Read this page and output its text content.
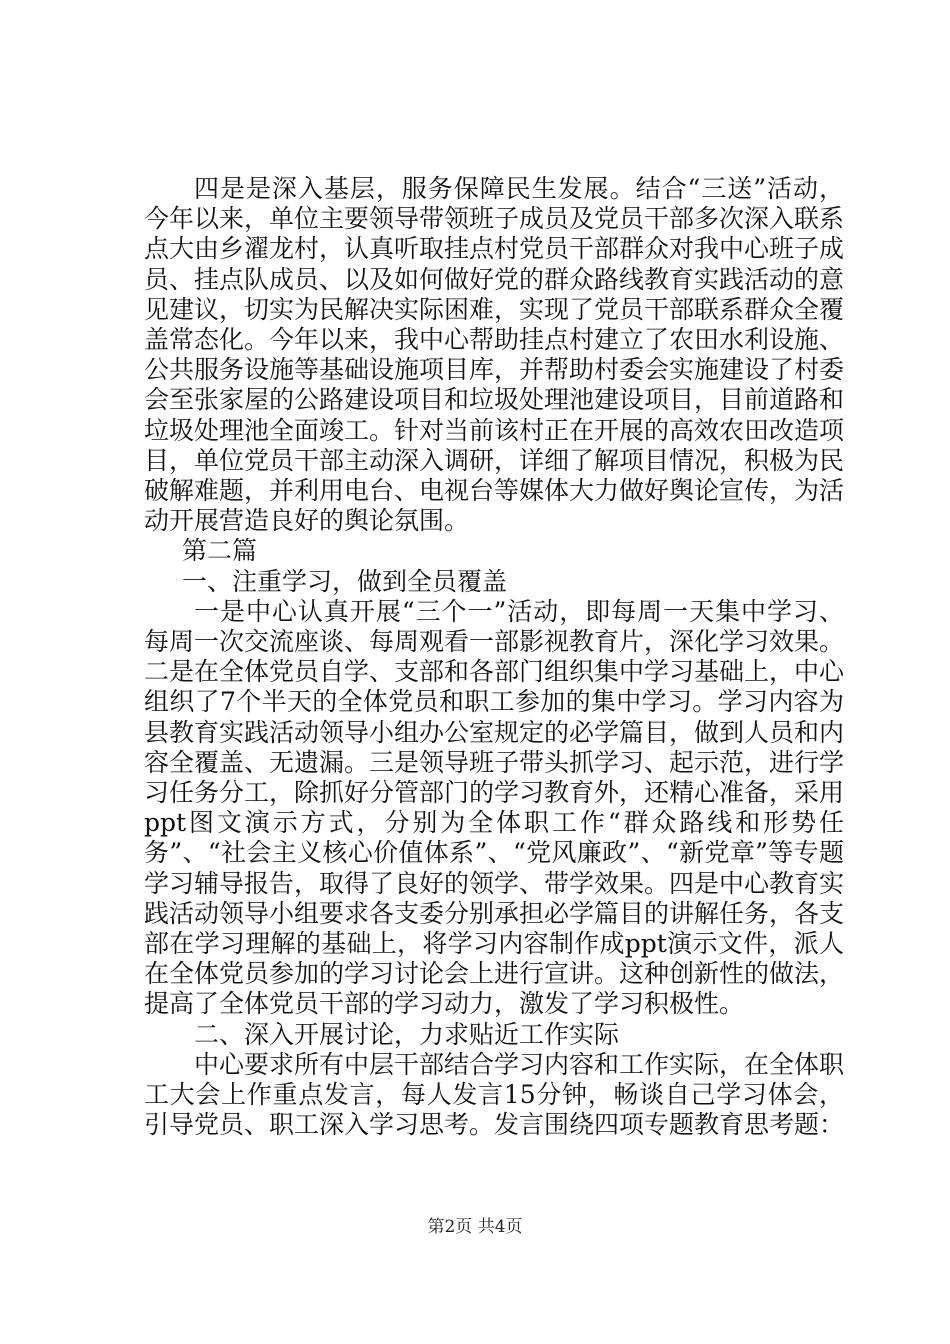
四是是深入基层，服务保障民生发展。结合“三送”活动，今年以来，单位主要领导带领班子成员及党员干部多次深入联系点大由乡濯龙村，认真听取挂点村党员干部群众对我中心班子成员、挂点队成员、以及如何做好党的群众路线教育实践活动的意见建议，切实为民解决实际困难，实现了党员干部联系群众全覆盖常态化。今年以来，我中心帮助挂点村建立了农田水利设施、公共服务设施等基础设施项目库，并帮助村委会实施建设了村委会至张家屋的公路建设项目和垃圾处理池建设项目，目前道路和垃圾处理池全面竣工。针对当前该村正在开展的高效农田改造项目，单位党员干部主动深入调研，详细了解项目情况，积极为民破解难题，并利用电台、电视台等媒体大力做好舆论宣传，为活动开展营造良好的舆论氛围。

第二篇

一、注重学习，做到全员覆盖

一是中心认真开展“三个一”活动，即每周一天集中学习、每周一次交流座谈、每周观看一部影视教育片，深化学习效果。二是在全体党员自学、支部和各部门组织集中学习基础上，中心组织了7个半天的全体党员和职工参加的集中学习。学习内容为县教育实践活动领导小组办公室规定的必学篇目，做到人员和内容全覆盖、无遗漏。三是领导班子带头抓学习、起示范，进行学习任务分工，除抓好分管部门的学习教育外，还精心准备，采用ppt图文演示方式，分别为全体职工作“群众路线和形势任务”、“社会主义核心价值体系”、“党风廉政”、“新党章”等专题学习辅导报告，取得了良好的领学、带学效果。四是中心教育实践活动领导小组要求各支委分别承担必学篇目的讲解任务，各支部在学习理解的基础上，将学习内容制作成ppt演示文件，派人在全体党员参加的学习讨论会上进行宣讲。这种创新性的做法，提高了全体党员干部的学习动力，激发了学习积极性。

二、深入开展讨论，力求贴近工作实际

中心要求所有中层干部结合学习内容和工作实际，在全体职工大会上作重点发言，每人发言15分钟，畅谈自己学习体会，引导党员、职工深入学习思考。发言围绕四项专题教育思考题：

第2页 共4页
